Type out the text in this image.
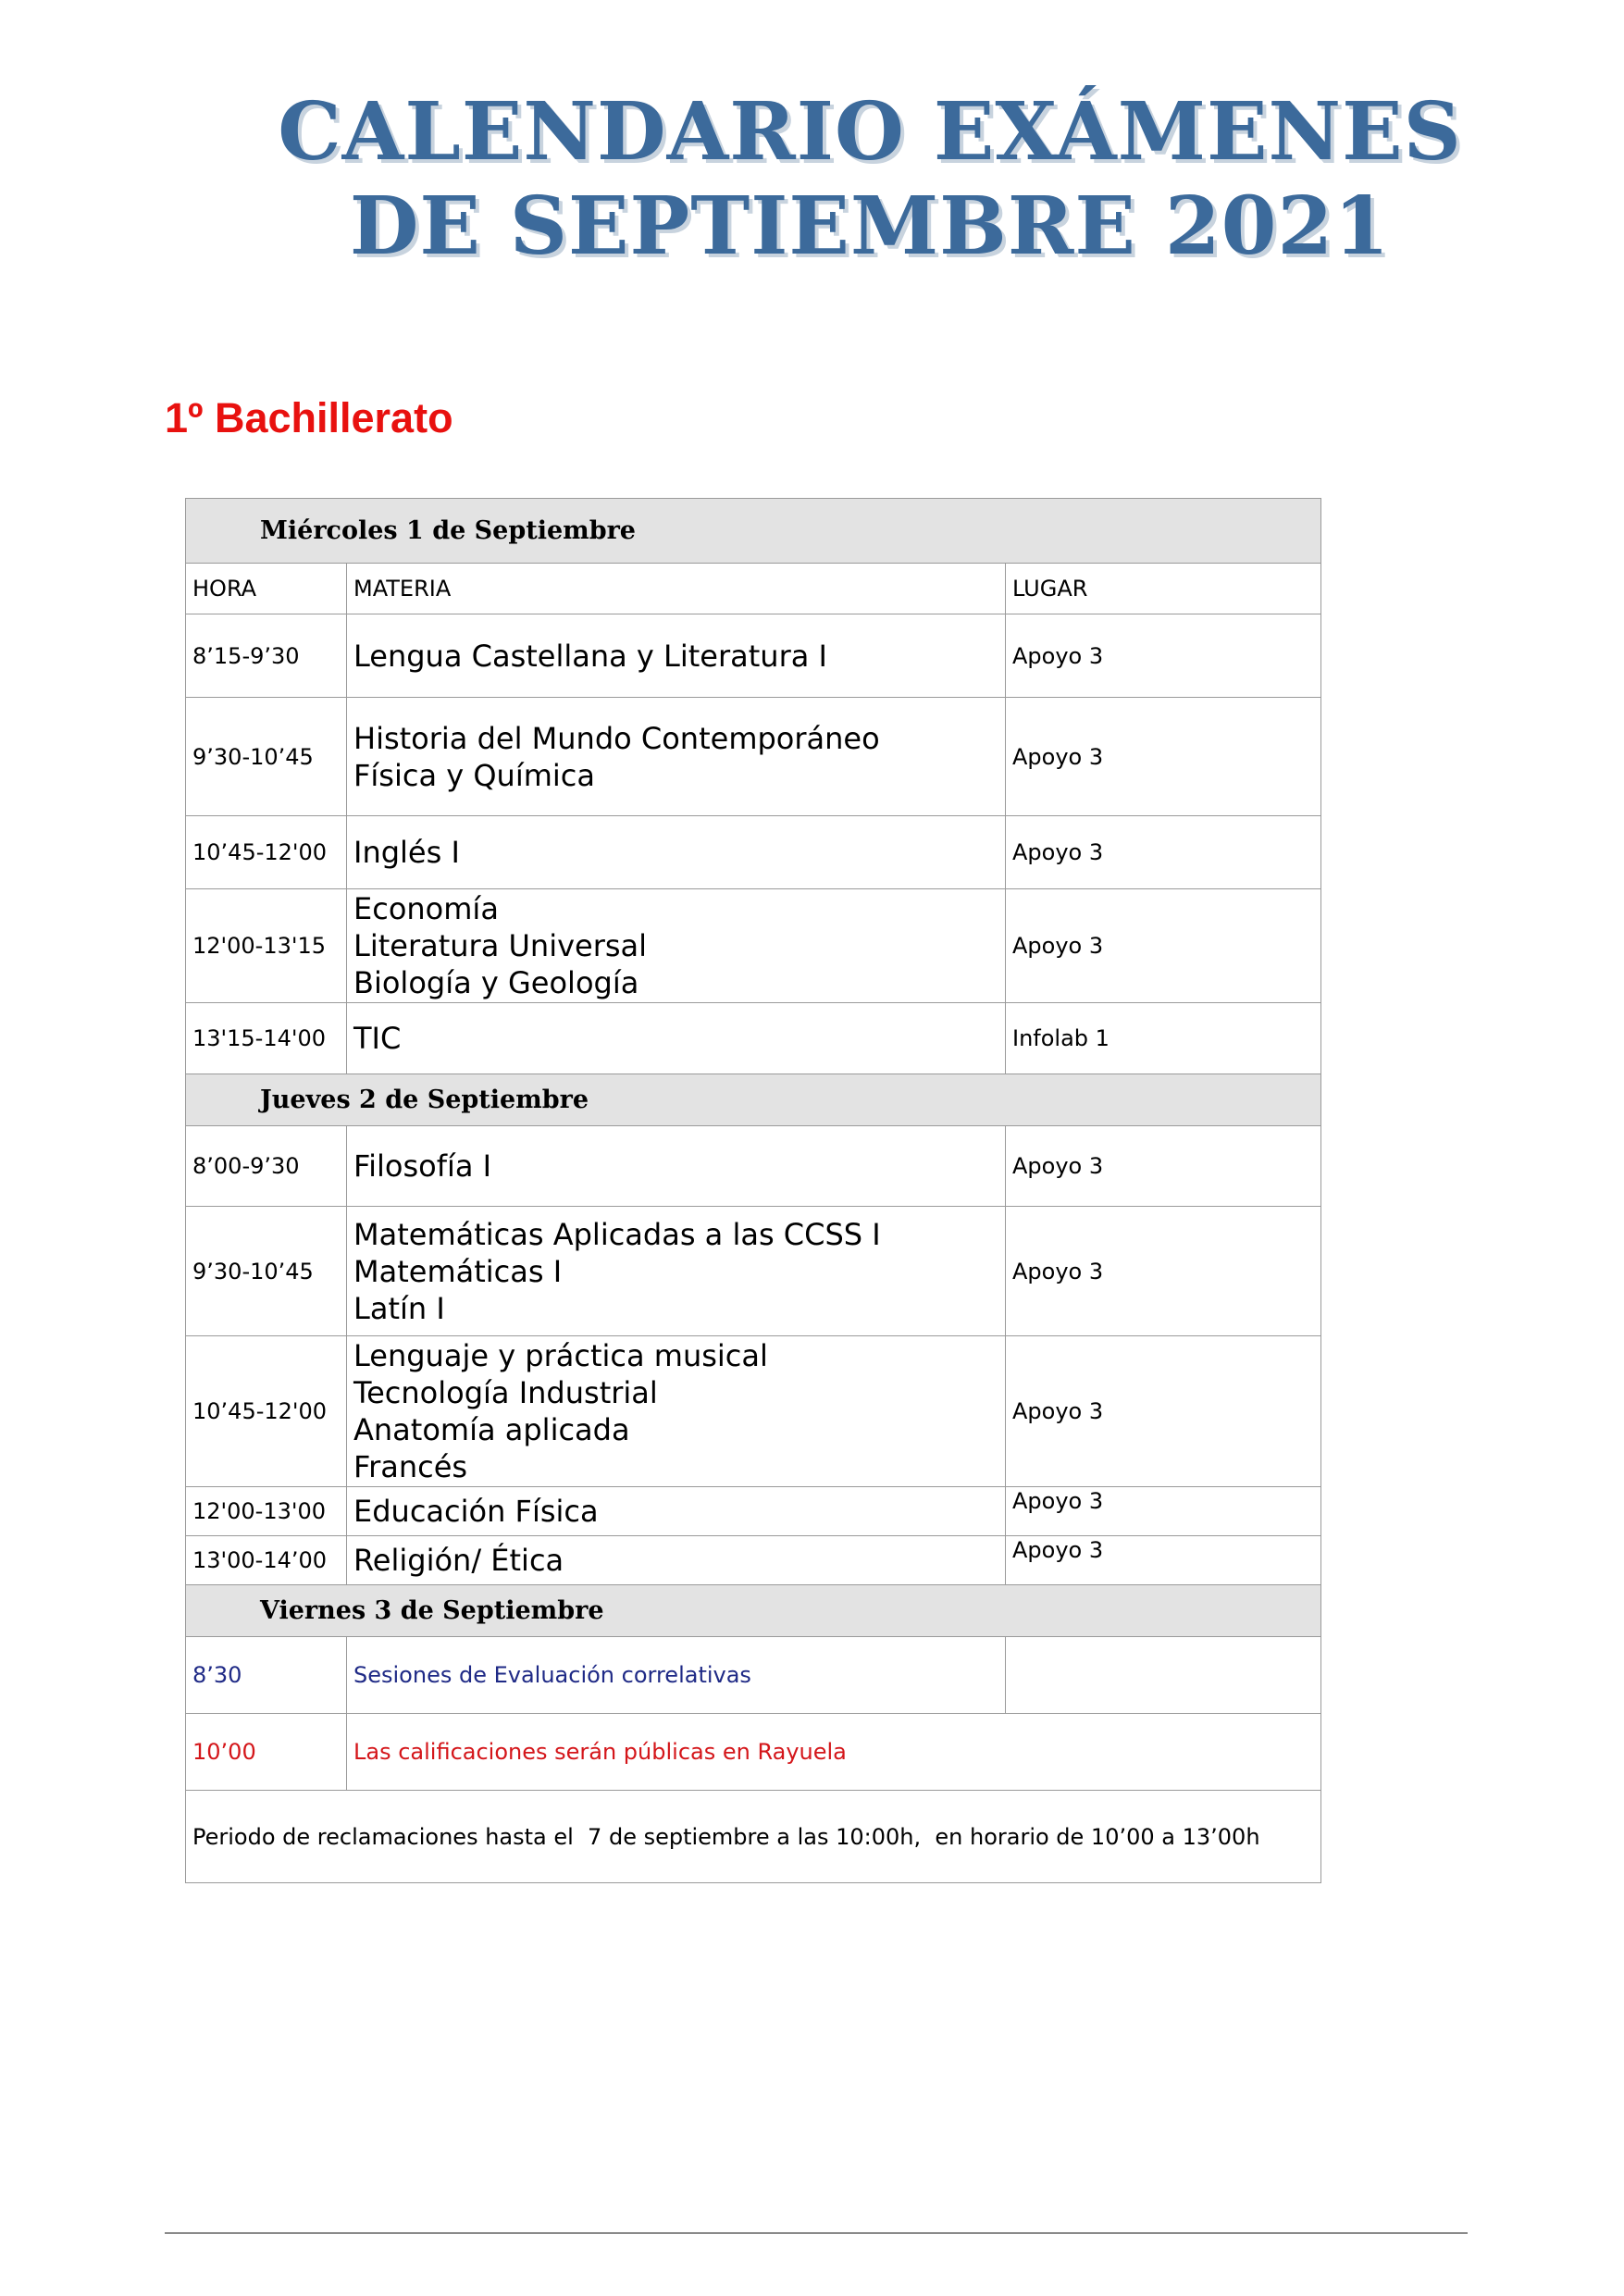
CALENDARIO EXÁMENES
DE SEPTIEMBRE 2021
1º Bachillerato
Miércoles 1 de Septiembre		
HORA	MATERIA	LUGAR
8’15-9’30	Lengua Castellana y Literatura I	Apoyo 3
9’30-10’45	Historia del Mundo Contemporáneo
Física y Química	Apoyo 3
10’45-12'00	Inglés I	Apoyo 3
12'00-13'15	Economía
Literatura Universal
Biología y Geología	Apoyo 3
13'15-14'00	TIC	Infolab 1
Jueves 2 de Septiembre		
8’00-9’30	Filosofía I	Apoyo 3
9’30-10’45	Matemáticas Aplicadas a las CCSS I
Matemáticas I
Latín I	Apoyo 3
10’45-12'00	Lenguaje y práctica musical
Tecnología Industrial
Anatomía aplicada
Francés	Apoyo 3
12'00-13'00	Educación Física	Apoyo 3
13'00-14’00	Religión/ Ética	Apoyo 3
Viernes 3 de Septiembre		
8’30	Sesiones de Evaluación correlativas	
10’00	Las calificaciones serán públicas en Rayuela	
Periodo de reclamaciones hasta el  7 de septiembre a las 10:00h,  en horario de 10’00 a 13’00h		
